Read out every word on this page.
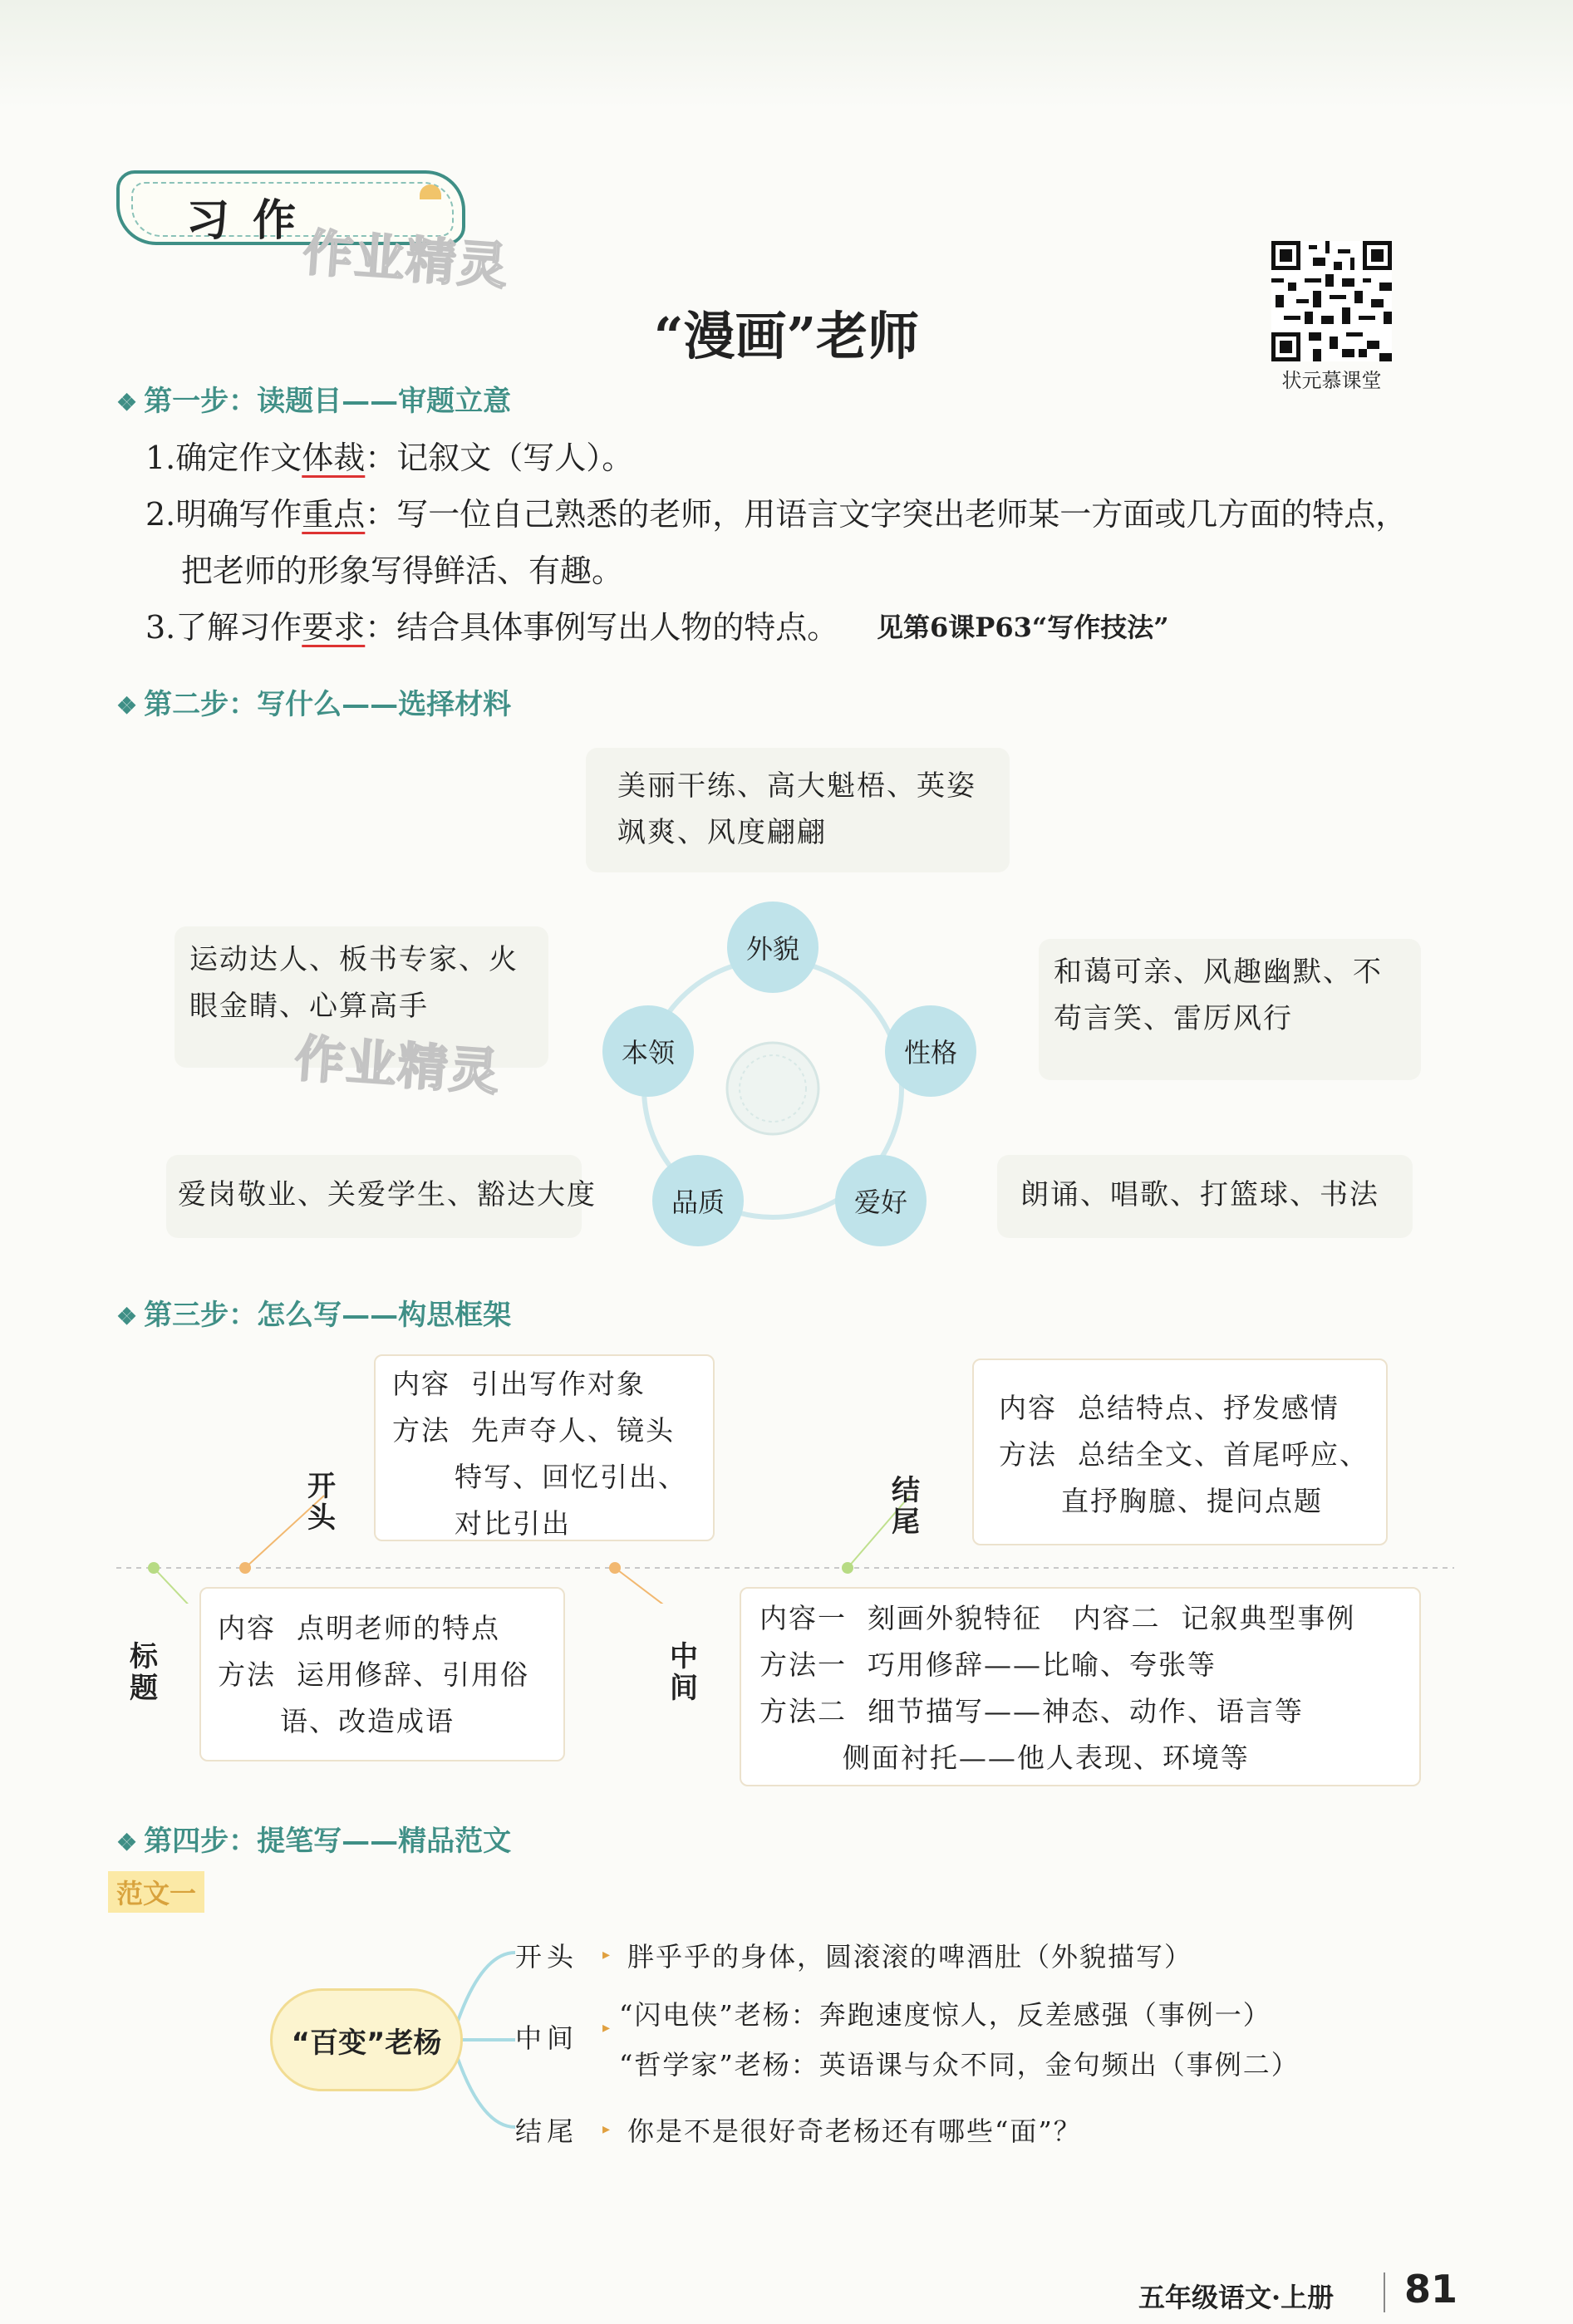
习作
作业精灵
“漫画”老师
状元慕课堂
❖ 第一步：读题目——审题立意
1.确定作文体裁：记叙文（写人）。
2.明确写作重点：写一位自己熟悉的老师，用语言文字突出老师某一方面或几方面的特点，
把老师的形象写得鲜活、有趣。
3.了解习作要求：结合具体事例写出人物的特点。 见第6课P63“写作技法”
❖ 第二步：写什么——选择材料
美丽干练、高大魁梧、英姿飒爽、风度翩翩
运动达人、板书专家、火眼金睛、心算高手
和蔼可亲、风趣幽默、不苟言笑、雷厉风行
爱岗敬业、关爱学生、豁达大度	朗诵、唱歌、打篮球、书法
外貌
性格
爱好
品质
本领
作业精灵
❖ 第三步：怎么写——构思框架
开头
结尾
标题
中间
内容  引出写作对象
方法  先声夺人、镜头
特写、回忆引出、
对比引出
内容  总结特点、抒发感情
方法  总结全文、首尾呼应、
直抒胸臆、提问点题
内容  点明老师的特点
方法  运用修辞、引用俗
语、改造成语
内容一  刻画外貌特征   内容二  记叙典型事例
方法一  巧用修辞——比喻、夸张等
方法二  细节描写——神态、动作、语言等
侧面衬托——他人表现、环境等
❖ 第四步：提笔写——精品范文
范文一
“百变”老杨
开头
中间
结尾
▸
▸
▸
胖乎乎的身体，圆滚滚的啤酒肚（外貌描写）
“闪电侠”老杨：奔跑速度惊人，反差感强（事例一）
“哲学家”老杨：英语课与众不同，金句频出（事例二）
你是不是很好奇老杨还有哪些“面”？
五年级语文·上册 81
